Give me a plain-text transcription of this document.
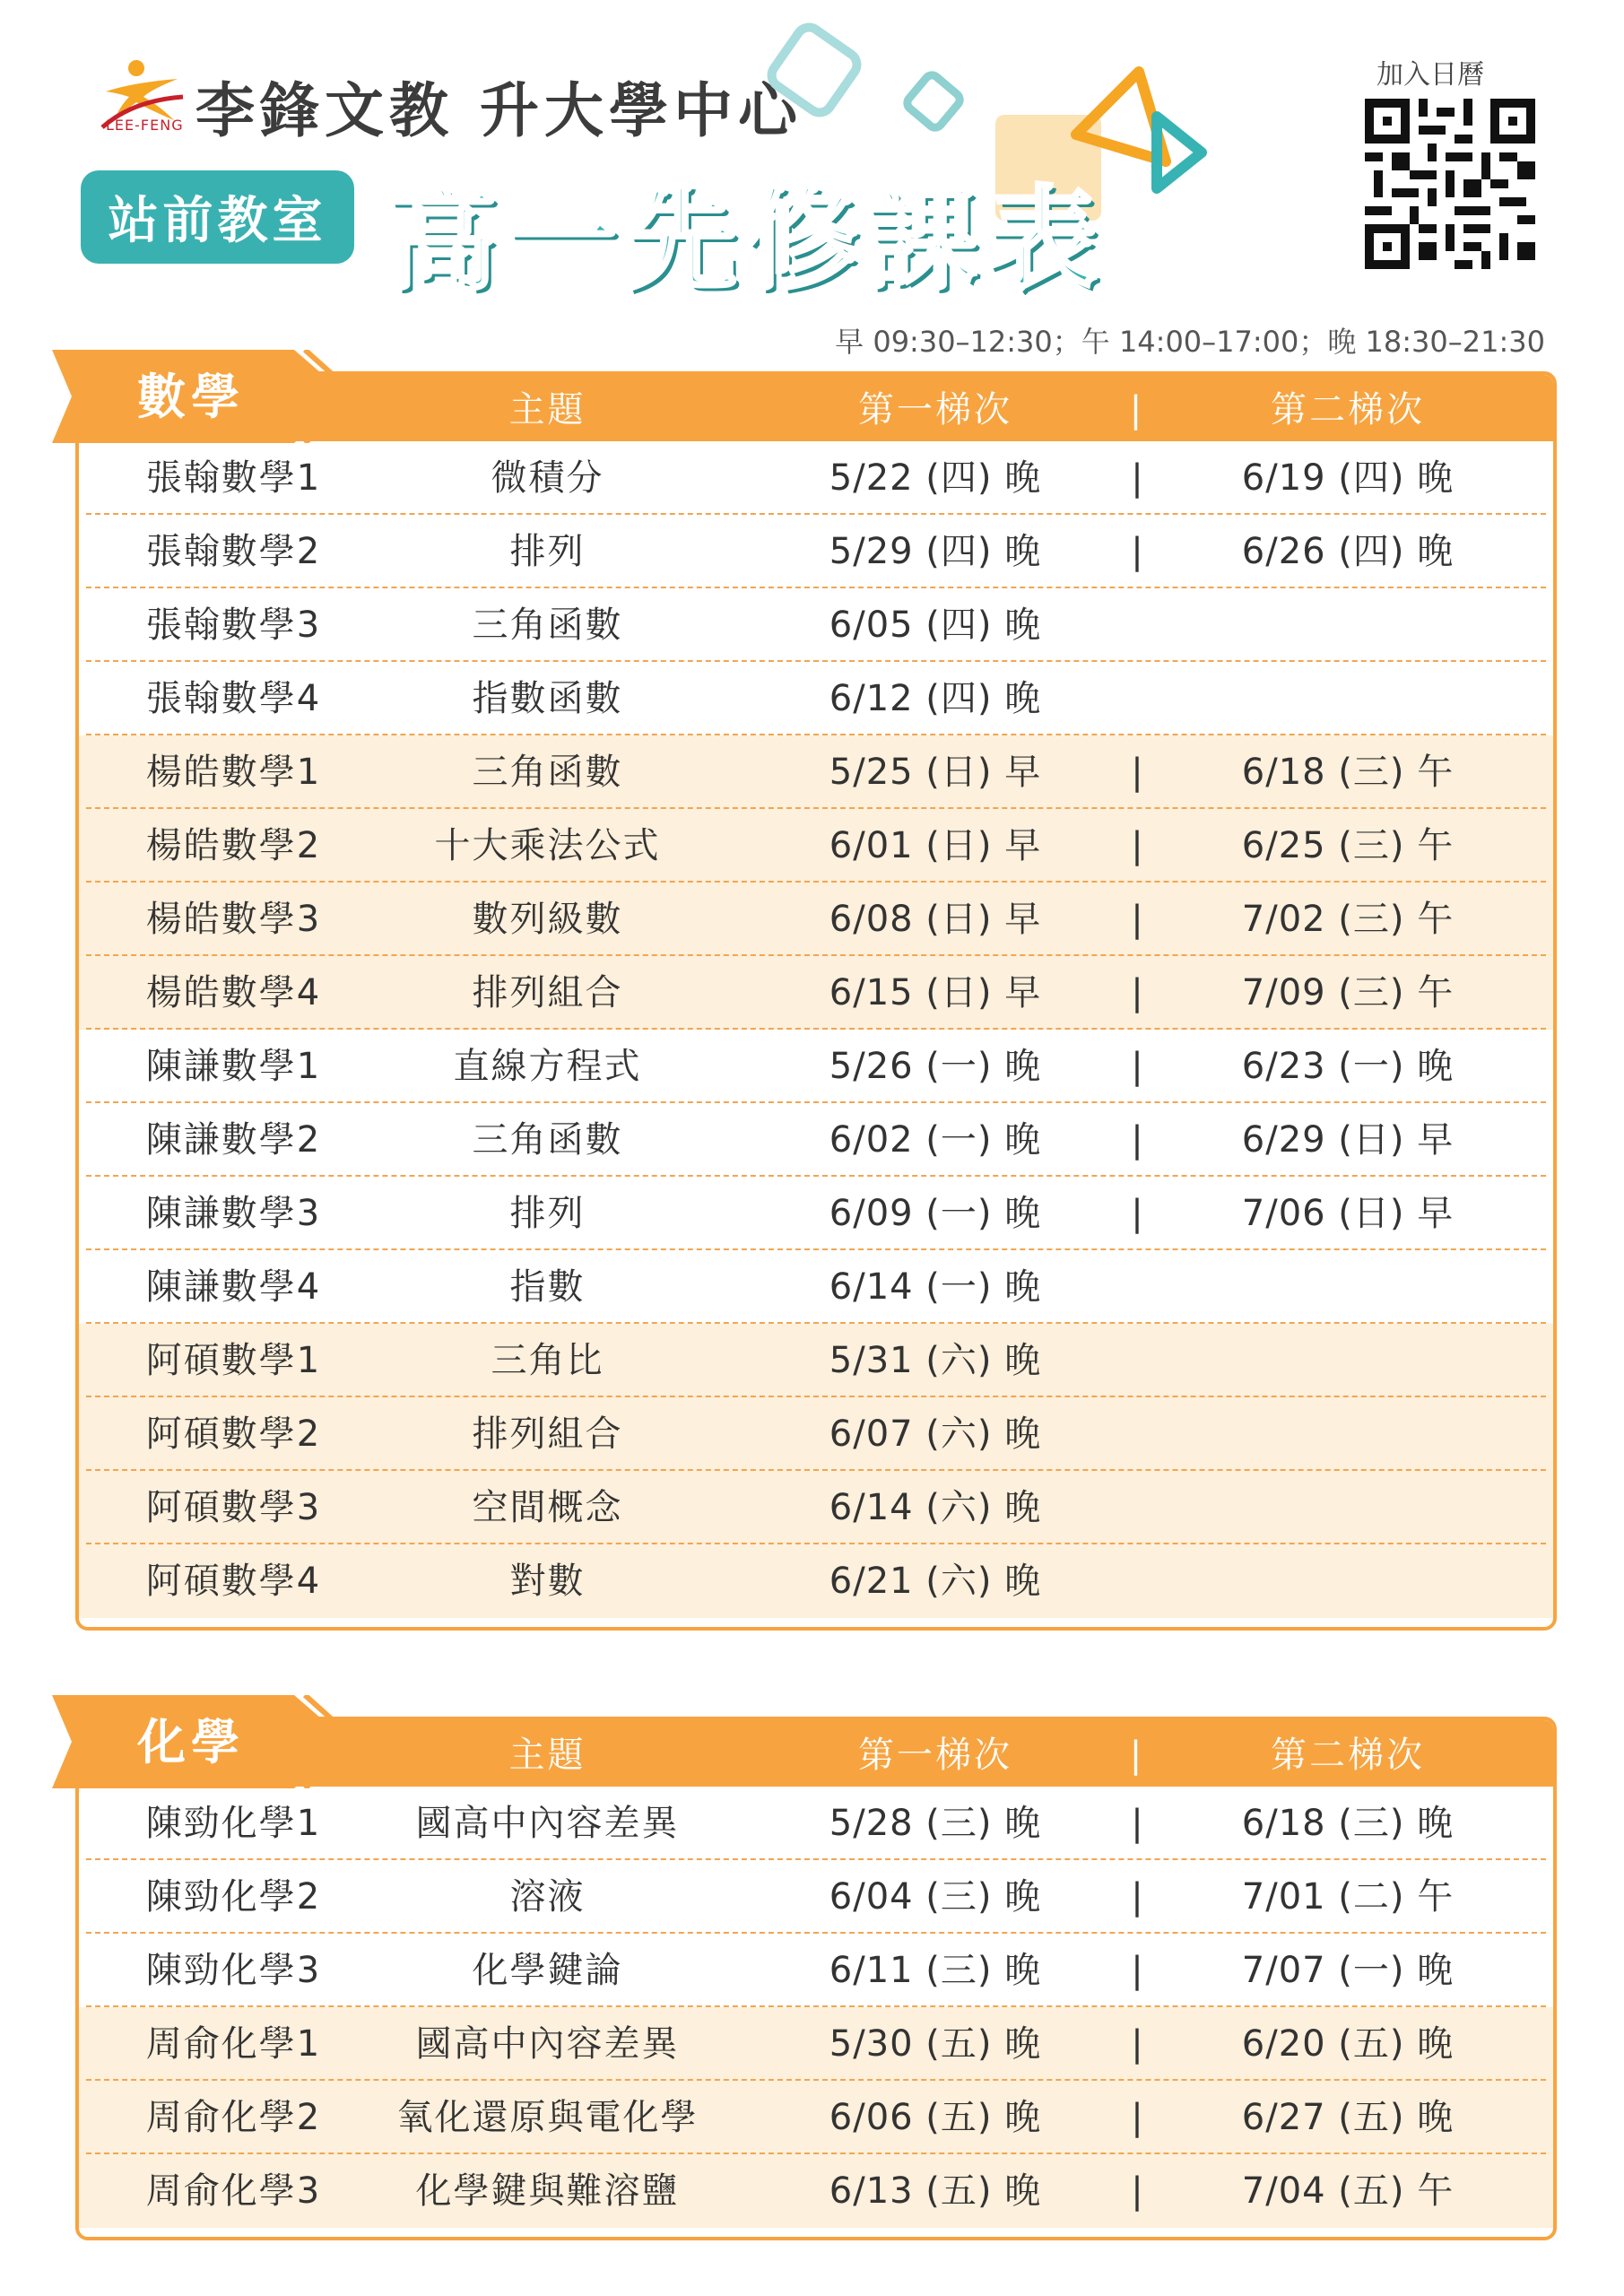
LEE-FENG 李鋒文教 升大學中心
站前教室 高一先修課表
加入日曆
早 09:30–12:30；午 14:00–17:00；晚 18:30–21:30
主題	第一梯次	|	第二梯次
張翰數學1	微積分	5/22 (四) 晚	|	6/19 (四) 晚
張翰數學2	排列	5/29 (四) 晚	|	6/26 (四) 晚
張翰數學3	三角函數	6/05 (四) 晚
張翰數學4	指數函數	6/12 (四) 晚
楊皓數學1	三角函數	5/25 (日) 早	|	6/18 (三) 午
楊皓數學2	十大乘法公式	6/01 (日) 早	|	6/25 (三) 午
楊皓數學3	數列級數	6/08 (日) 早	|	7/02 (三) 午
楊皓數學4	排列組合	6/15 (日) 早	|	7/09 (三) 午
陳謙數學1	直線方程式	5/26 (一) 晚	|	6/23 (一) 晚
陳謙數學2	三角函數	6/02 (一) 晚	|	6/29 (日) 早
陳謙數學3	排列	6/09 (一) 晚	|	7/06 (日) 早
陳謙數學4	指數	6/14 (一) 晚
阿碩數學1	三角比	5/31 (六) 晚
阿碩數學2	排列組合	6/07 (六) 晚
阿碩數學3	空間概念	6/14 (六) 晚
阿碩數學4	對數	6/21 (六) 晚
數學
主題	第一梯次	|	第二梯次
陳勁化學1	國高中內容差異	5/28 (三) 晚	|	6/18 (三) 晚
陳勁化學2	溶液	6/04 (三) 晚	|	7/01 (二) 午
陳勁化學3	化學鍵論	6/11 (三) 晚	|	7/07 (一) 晚
周俞化學1	國高中內容差異	5/30 (五) 晚	|	6/20 (五) 晚
周俞化學2	氧化還原與電化學	6/06 (五) 晚	|	6/27 (五) 晚
周俞化學3	化學鍵與難溶鹽	6/13 (五) 晚	|	7/04 (五) 午
化學
